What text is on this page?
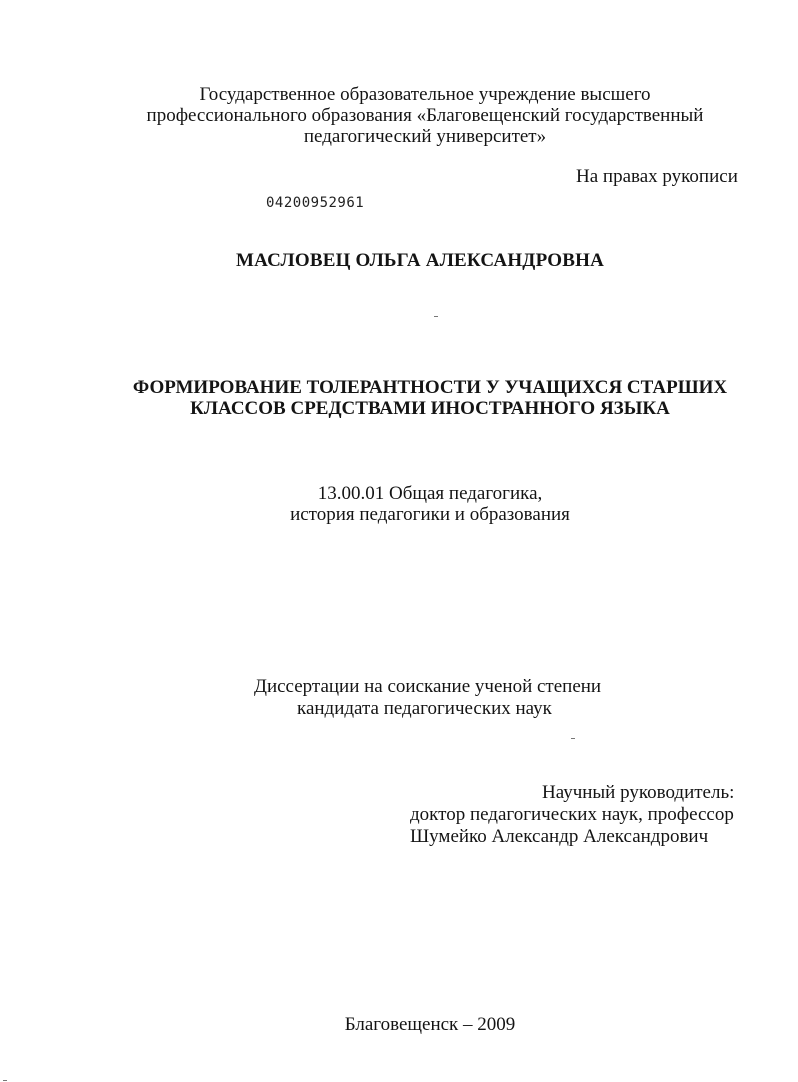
Государственное образовательное учреждение высшего
профессионального образования «Благовещенский государственный
педагогический университет»
На правах рукописи
04200952961
МАСЛОВЕЦ ОЛЬГА АЛЕКСАНДРОВНА
ФОРМИРОВАНИЕ ТОЛЕРАНТНОСТИ У УЧАЩИХСЯ СТАРШИХ
КЛАССОВ СРЕДСТВАМИ ИНОСТРАННОГО ЯЗЫКА
13.00.01 Общая педагогика,
история педагогики и образования
Диссертации на соискание ученой степени
кандидата педагогических наук
Научный руководитель:
доктор педагогических наук, профессор
Шумейко Александр Александрович
Благовещенск – 2009
